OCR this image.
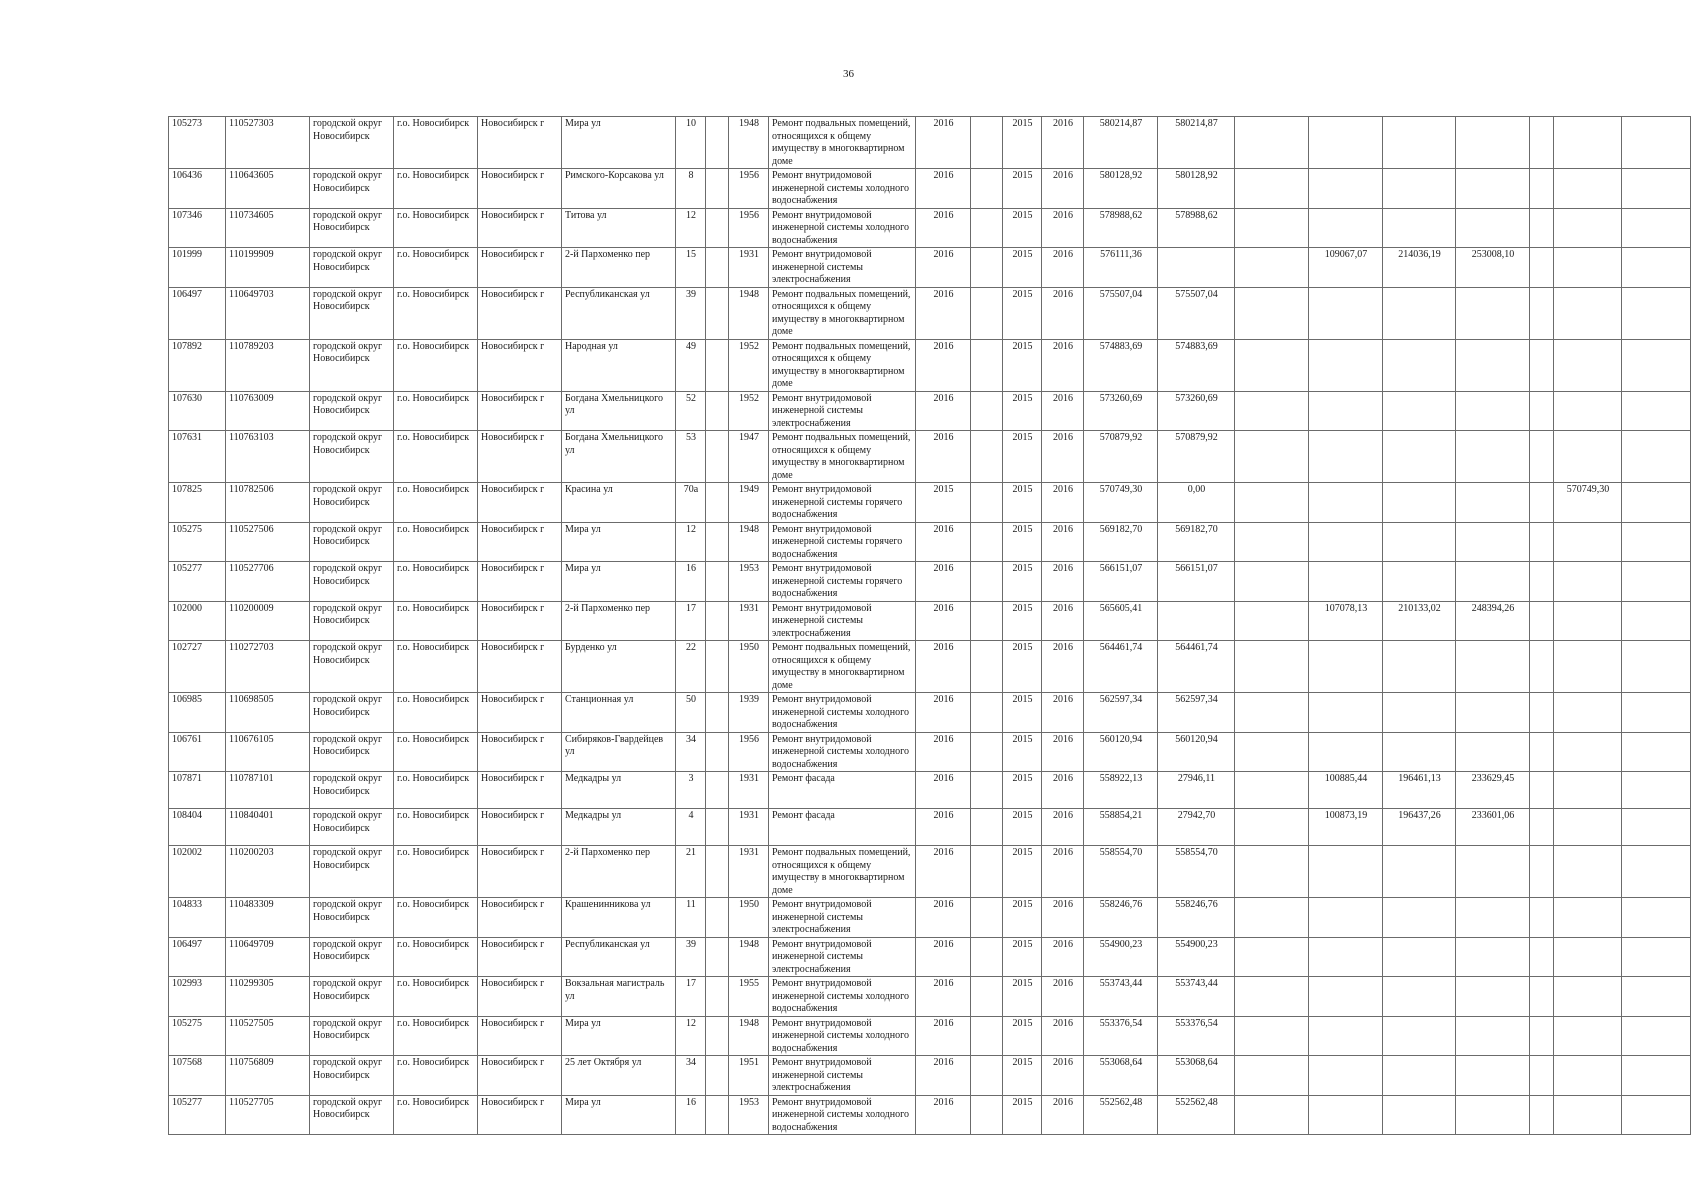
36
105273	110527303	городской округ Новосибирск	г.о. Новосибирск	Новосибирск г	Мира ул	10		1948	Ремонт подвальных помещений, относящихся к общему имуществу в многоквартирном доме	2016		2015	2016	580214,87	580214,87							
106436	110643605	городской округ Новосибирск	г.о. Новосибирск	Новосибирск г	Римского-Корсакова ул	8		1956	Ремонт внутридомовой инженерной системы холодного водоснабжения	2016		2015	2016	580128,92	580128,92							
107346	110734605	городской округ Новосибирск	г.о. Новосибирск	Новосибирск г	Титова ул	12		1956	Ремонт внутридомовой инженерной системы холодного водоснабжения	2016		2015	2016	578988,62	578988,62							
101999	110199909	городской округ Новосибирск	г.о. Новосибирск	Новосибирск г	2-й Пархоменко пер	15		1931	Ремонт внутридомовой инженерной системы электроснабжения	2016		2015	2016	576111,36			109067,07	214036,19	253008,10			
106497	110649703	городской округ Новосибирск	г.о. Новосибирск	Новосибирск г	Республиканская ул	39		1948	Ремонт подвальных помещений, относящихся к общему имуществу в многоквартирном доме	2016		2015	2016	575507,04	575507,04							
107892	110789203	городской округ Новосибирск	г.о. Новосибирск	Новосибирск г	Народная ул	49		1952	Ремонт подвальных помещений, относящихся к общему имуществу в многоквартирном доме	2016		2015	2016	574883,69	574883,69							
107630	110763009	городской округ Новосибирск	г.о. Новосибирск	Новосибирск г	Богдана Хмельницкого ул	52		1952	Ремонт внутридомовой инженерной системы электроснабжения	2016		2015	2016	573260,69	573260,69							
107631	110763103	городской округ Новосибирск	г.о. Новосибирск	Новосибирск г	Богдана Хмельницкого ул	53		1947	Ремонт подвальных помещений, относящихся к общему имуществу в многоквартирном доме	2016		2015	2016	570879,92	570879,92							
107825	110782506	городской округ Новосибирск	г.о. Новосибирск	Новосибирск г	Красина ул	70а		1949	Ремонт внутридомовой инженерной системы горячего водоснабжения	2015		2015	2016	570749,30	0,00						570749,30	
105275	110527506	городской округ Новосибирск	г.о. Новосибирск	Новосибирск г	Мира ул	12		1948	Ремонт внутридомовой инженерной системы горячего водоснабжения	2016		2015	2016	569182,70	569182,70							
105277	110527706	городской округ Новосибирск	г.о. Новосибирск	Новосибирск г	Мира ул	16		1953	Ремонт внутридомовой инженерной системы горячего водоснабжения	2016		2015	2016	566151,07	566151,07							
102000	110200009	городской округ Новосибирск	г.о. Новосибирск	Новосибирск г	2-й Пархоменко пер	17		1931	Ремонт внутридомовой инженерной системы электроснабжения	2016		2015	2016	565605,41			107078,13	210133,02	248394,26			
102727	110272703	городской округ Новосибирск	г.о. Новосибирск	Новосибирск г	Бурденко ул	22		1950	Ремонт подвальных помещений, относящихся к общему имуществу в многоквартирном доме	2016		2015	2016	564461,74	564461,74							
106985	110698505	городской округ Новосибирск	г.о. Новосибирск	Новосибирск г	Станционная ул	50		1939	Ремонт внутридомовой инженерной системы холодного водоснабжения	2016		2015	2016	562597,34	562597,34							
106761	110676105	городской округ Новосибирск	г.о. Новосибирск	Новосибирск г	Сибиряков-Гвардейцев ул	34		1956	Ремонт внутридомовой инженерной системы холодного водоснабжения	2016		2015	2016	560120,94	560120,94							
107871	110787101	городской округ Новосибирск	г.о. Новосибирск	Новосибирск г	Медкадры ул	3		1931	Ремонт фасада	2016		2015	2016	558922,13	27946,11		100885,44	196461,13	233629,45			
108404	110840401	городской округ Новосибирск	г.о. Новосибирск	Новосибирск г	Медкадры ул	4		1931	Ремонт фасада	2016		2015	2016	558854,21	27942,70		100873,19	196437,26	233601,06			
102002	110200203	городской округ Новосибирск	г.о. Новосибирск	Новосибирск г	2-й Пархоменко пер	21		1931	Ремонт подвальных помещений, относящихся к общему имуществу в многоквартирном доме	2016		2015	2016	558554,70	558554,70							
104833	110483309	городской округ Новосибирск	г.о. Новосибирск	Новосибирск г	Крашенинникова ул	11		1950	Ремонт внутридомовой инженерной системы электроснабжения	2016		2015	2016	558246,76	558246,76							
106497	110649709	городской округ Новосибирск	г.о. Новосибирск	Новосибирск г	Республиканская ул	39		1948	Ремонт внутридомовой инженерной системы электроснабжения	2016		2015	2016	554900,23	554900,23							
102993	110299305	городской округ Новосибирск	г.о. Новосибирск	Новосибирск г	Вокзальная магистраль ул	17		1955	Ремонт внутридомовой инженерной системы холодного водоснабжения	2016		2015	2016	553743,44	553743,44							
105275	110527505	городской округ Новосибирск	г.о. Новосибирск	Новосибирск г	Мира ул	12		1948	Ремонт внутридомовой инженерной системы холодного водоснабжения	2016		2015	2016	553376,54	553376,54							
107568	110756809	городской округ Новосибирск	г.о. Новосибирск	Новосибирск г	25 лет Октября ул	34		1951	Ремонт внутридомовой инженерной системы электроснабжения	2016		2015	2016	553068,64	553068,64							
105277	110527705	городской округ Новосибирск	г.о. Новосибирск	Новосибирск г	Мира ул	16		1953	Ремонт внутридомовой инженерной системы холодного водоснабжения	2016		2015	2016	552562,48	552562,48							
